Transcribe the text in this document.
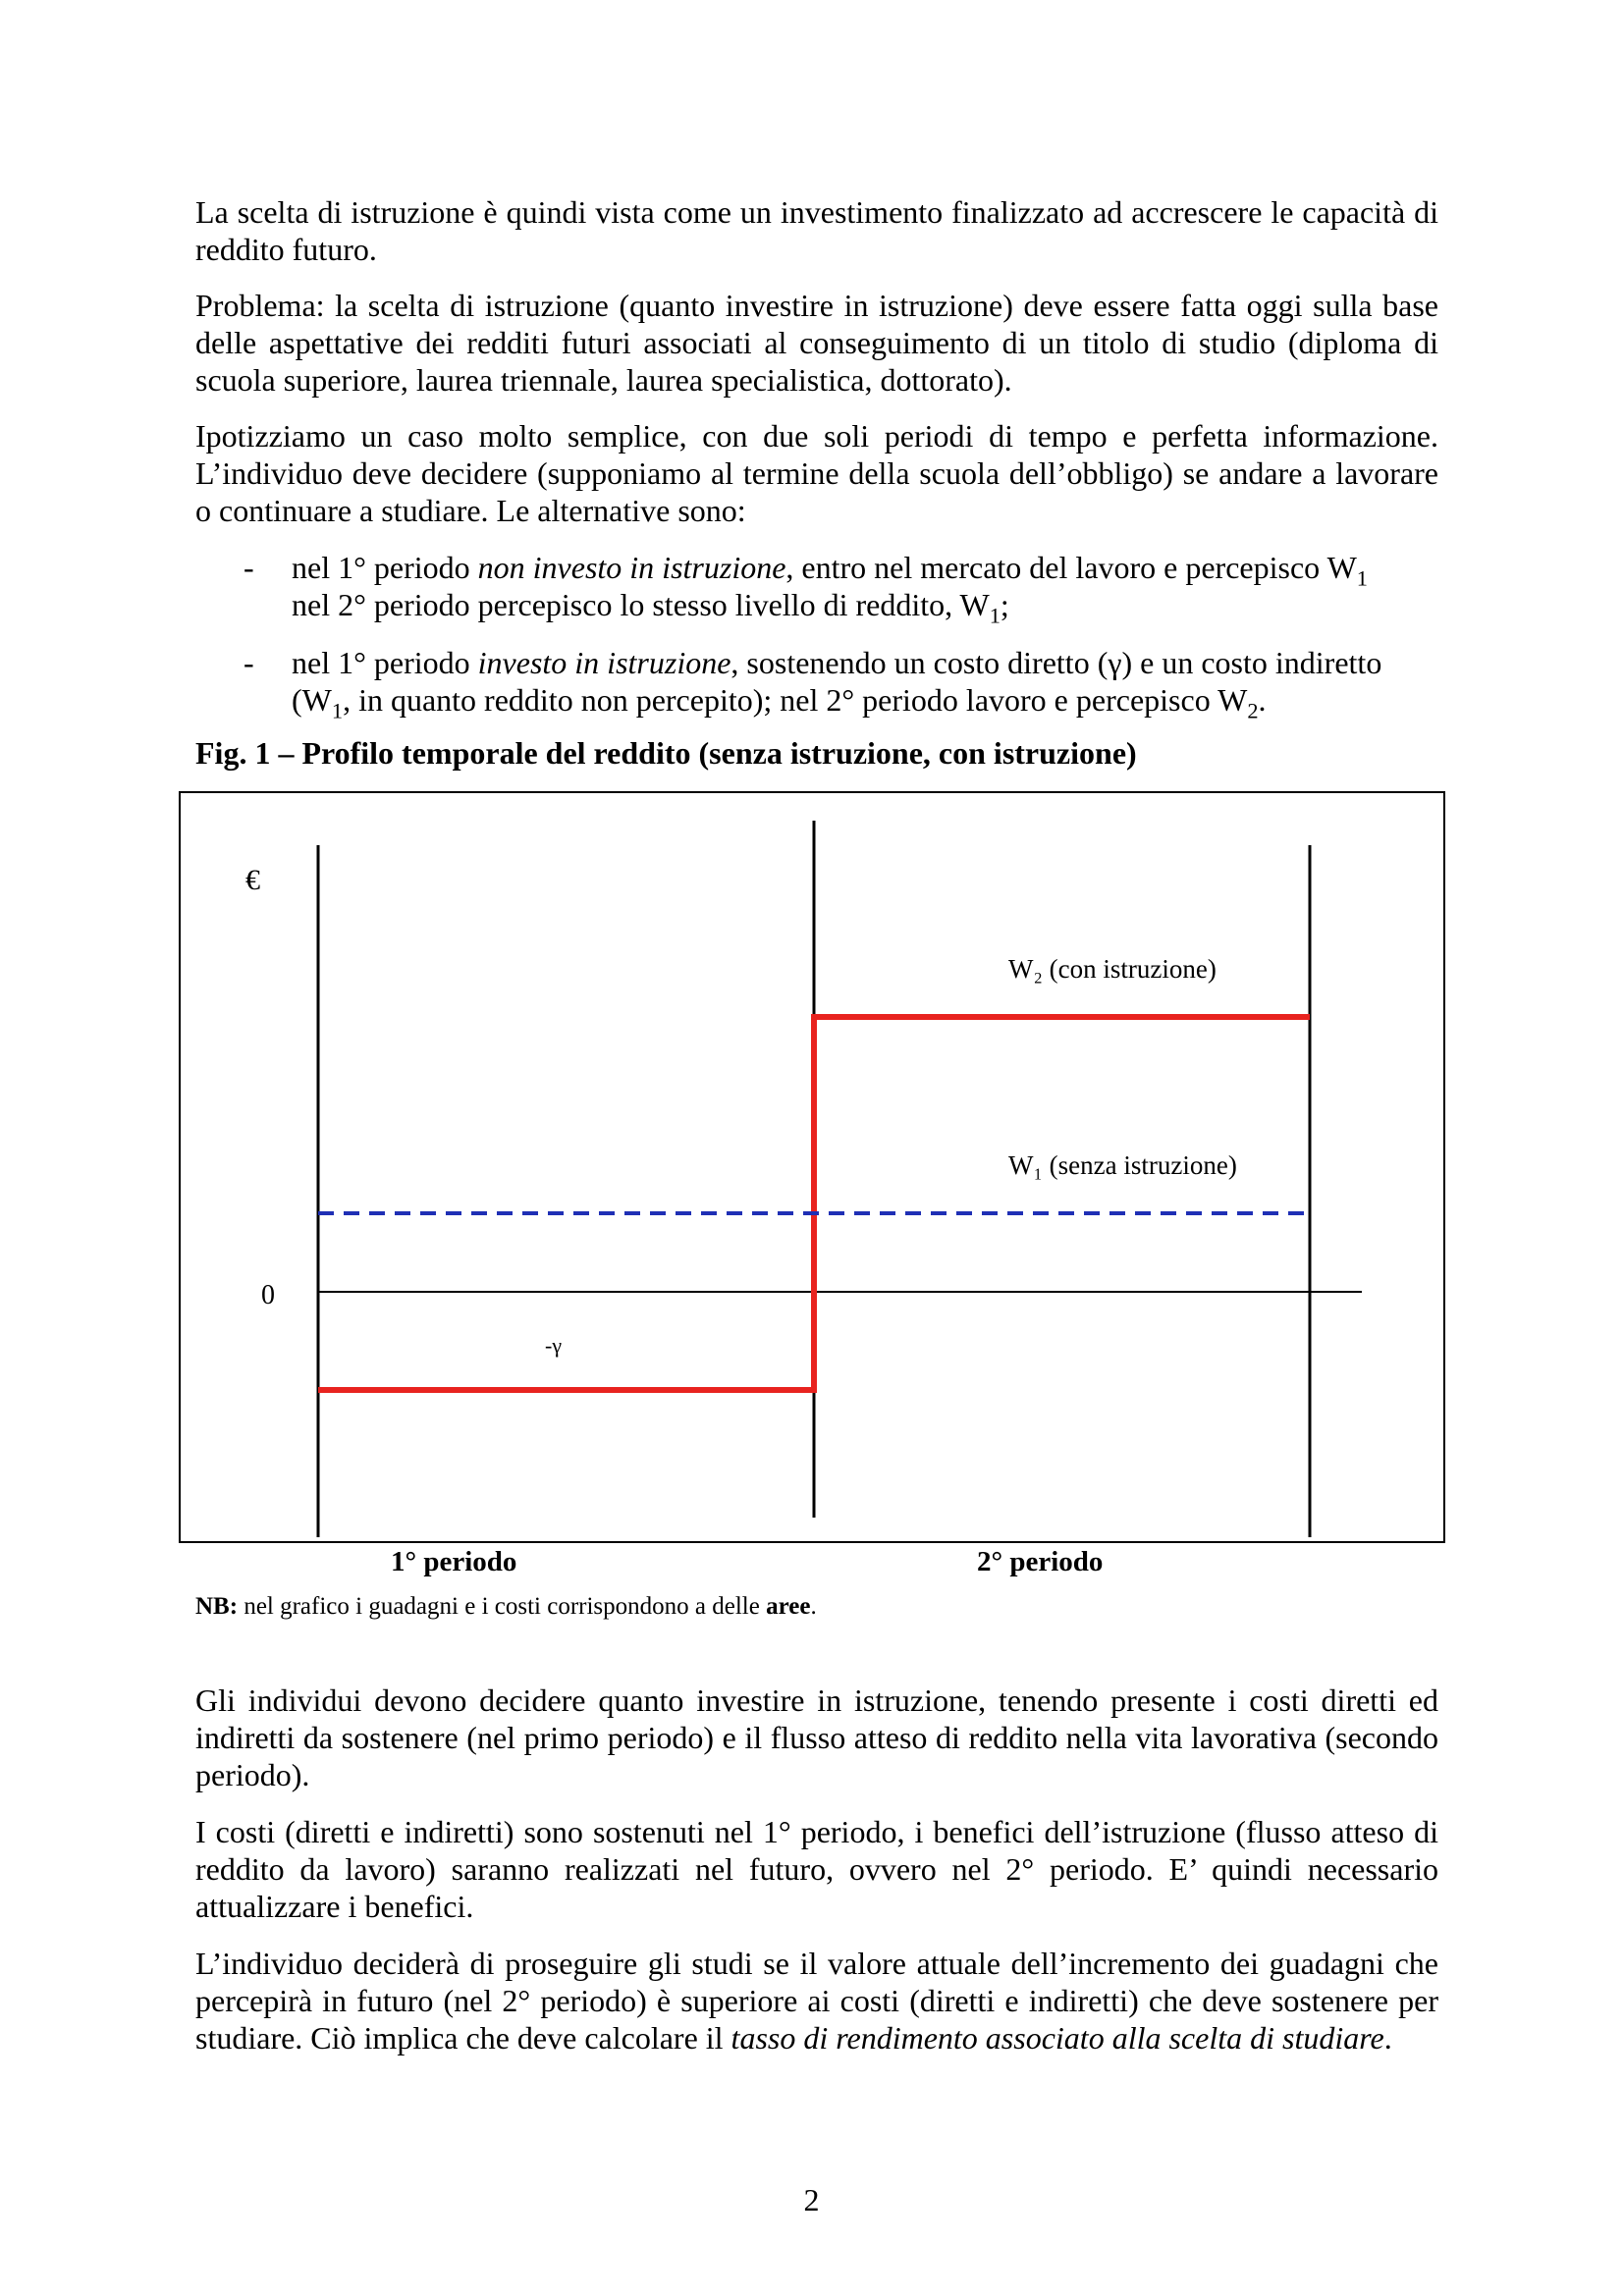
La scelta di istruzione è quindi vista come un investimento finalizzato ad accrescere le capacità di reddito futuro.

Problema: la scelta di istruzione (quanto investire in istruzione) deve essere fatta oggi sulla base delle aspettative dei redditi futuri associati al conseguimento di un titolo di studio (diploma di scuola superiore, laurea triennale, laurea specialistica, dottorato).

Ipotizziamo un caso molto semplice, con due soli periodi di tempo e perfetta informazione. L’individuo deve decidere (supponiamo al termine della scuola dell’obbligo) se andare a lavorare o continuare a studiare. Le alternative sono:

- nel 1° periodo non investo in istruzione, entro nel mercato del lavoro e percepisco $W_1$
nel 2° periodo percepisco lo stesso livello di reddito, $W_1$;
- nel 1° periodo investo in istruzione, sostenendo un costo diretto (γ) e un costo indiretto ($W_1$, in quanto reddito non percepito); nel 2° periodo lavoro e percepisco $W_2$.
Fig. 1 – Profilo temporale del reddito (senza istruzione, con istruzione)
€
0
-γ
W₂ (con istruzione)
W₁ (senza istruzione)
1° periodo	2° periodo
NB: nel grafico i guadagni e i costi corrispondono a delle aree.

Gli individui devono decidere quanto investire in istruzione, tenendo presente i costi diretti ed indiretti da sostenere (nel primo periodo) e il flusso atteso di reddito nella vita lavorativa (secondo periodo).

I costi (diretti e indiretti) sono sostenuti nel 1° periodo, i benefici dell’istruzione (flusso atteso di reddito da lavoro) saranno realizzati nel futuro, ovvero nel 2° periodo. E’ quindi necessario attualizzare i benefici.

L’individuo deciderà di proseguire gli studi se il valore attuale dell’incremento dei guadagni che percepirà in futuro (nel 2° periodo) è superiore ai costi (diretti e indiretti) che deve sostenere per studiare. Ciò implica che deve calcolare il tasso di rendimento associato alla scelta di studiare.

2
